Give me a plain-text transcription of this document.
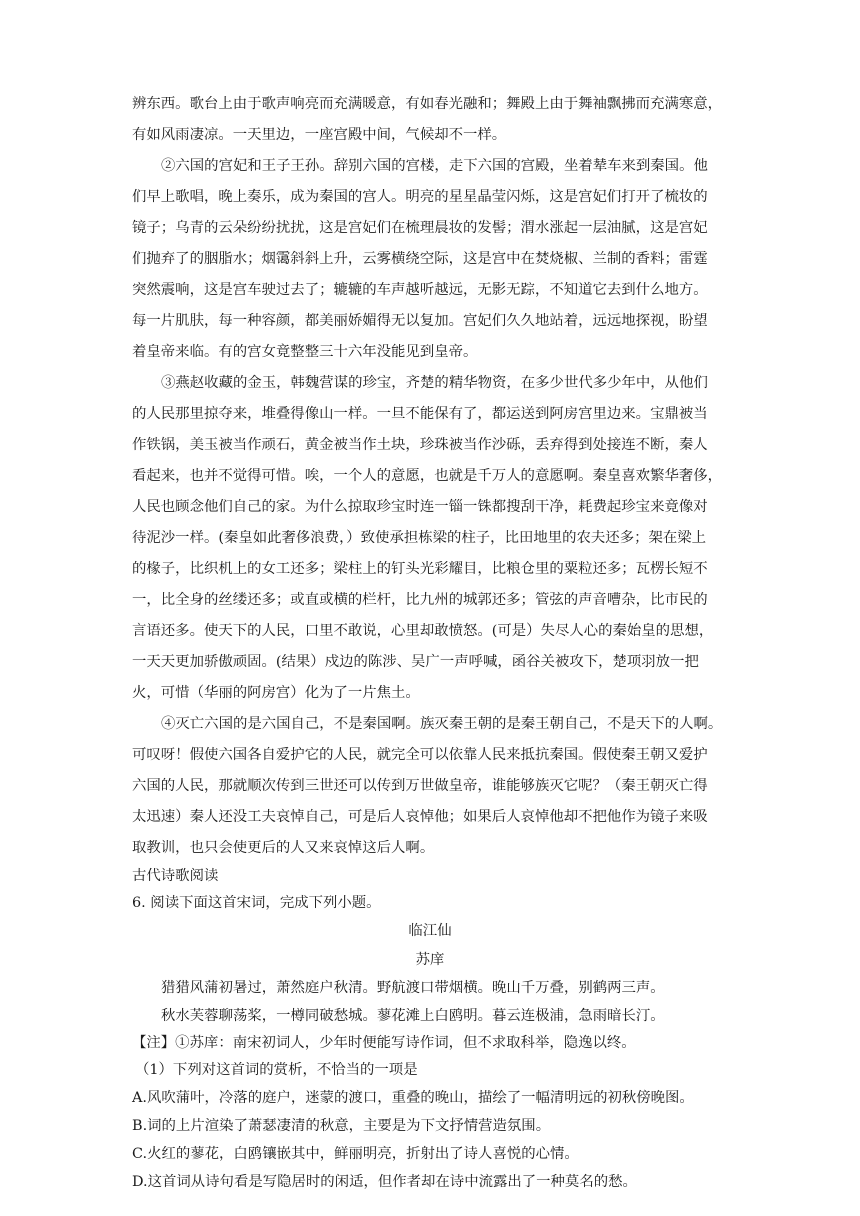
辨东西。歌台上由于歌声响亮而充满暖意，有如春光融和；舞殿上由于舞袖飘拂而充满寒意，
有如风雨凄凉。一天里边，一座宫殿中间，气候却不一样。
②六国的宫妃和王子王孙。辞别六国的宫楼，走下六国的宫殿，坐着辇车来到秦国。他
们早上歌唱，晚上奏乐，成为秦国的宫人。明亮的星星晶莹闪烁，这是宫妃们打开了梳妆的
镜子；乌青的云朵纷纷扰扰，这是宫妃们在梳理晨妆的发髻；渭水涨起一层油腻，这是宫妃
们抛弃了的胭脂水；烟霭斜斜上升，云雾横绕空际，这是宫中在焚烧椒、兰制的香料；雷霆
突然震响，这是宫车驶过去了；辘辘的车声越听越远，无影无踪，不知道它去到什么地方。
每一片肌肤，每一种容颜，都美丽娇媚得无以复加。宫妃们久久地站着，远远地探视，盼望
着皇帝来临。有的宫女竟整整三十六年没能见到皇帝。
③燕赵收藏的金玉，韩魏营谋的珍宝，齐楚的精华物资，在多少世代多少年中，从他们
的人民那里掠夺来，堆叠得像山一样。一旦不能保有了，都运送到阿房宫里边来。宝鼎被当
作铁锅，美玉被当作顽石，黄金被当作土块，珍珠被当作沙砾，丢弃得到处接连不断，秦人
看起来，也并不觉得可惜。唉，一个人的意愿，也就是千万人的意愿啊。秦皇喜欢繁华奢侈，
人民也顾念他们自己的家。为什么掠取珍宝时连一锱一铢都搜刮干净，耗费起珍宝来竟像对
待泥沙一样。(秦皇如此奢侈浪费，）致使承担栋梁的柱子，比田地里的农夫还多；架在梁上
的椽子，比织机上的女工还多；梁柱上的钉头光彩耀目，比粮仓里的粟粒还多；瓦楞长短不
一，比全身的丝缕还多；或直或横的栏杆，比九州的城郭还多；管弦的声音嘈杂，比市民的
言语还多。使天下的人民，口里不敢说，心里却敢愤怒。(可是）失尽人心的秦始皇的思想，
一天天更加骄傲顽固。(结果）戍边的陈涉、吴广一声呼喊，函谷关被攻下，楚项羽放一把
火，可惜（华丽的阿房宫）化为了一片焦土。
④灭亡六国的是六国自己，不是秦国啊。族灭秦王朝的是秦王朝自己，不是天下的人啊。
可叹呀！假使六国各自爱护它的人民，就完全可以依靠人民来抵抗秦国。假使秦王朝又爱护
六国的人民，那就顺次传到三世还可以传到万世做皇帝，谁能够族灭它呢？（秦王朝灭亡得
太迅速）秦人还没工夫哀悼自己，可是后人哀悼他；如果后人哀悼他却不把他作为镜子来吸
取教训，也只会使更后的人又来哀悼这后人啊。
古代诗歌阅读
6. 阅读下面这首宋词，完成下列小题。
临江仙
苏庠
猎猎风蒲初暑过，萧然庭户秋清。野航渡口带烟横。晚山千万叠，别鹤两三声。
秋水芙蓉聊荡桨，一樽同破愁城。蓼花滩上白鸥明。暮云连极浦，急雨暗长汀。
【注】①苏庠：南宋初词人，少年时便能写诗作词，但不求取科举，隐逸以终。
（1）下列对这首词的赏析，不恰当的一项是
A.风吹蒲叶，冷落的庭户，迷蒙的渡口，重叠的晚山，描绘了一幅清明远的初秋傍晚图。
B.词的上片渲染了萧瑟凄清的秋意，主要是为下文抒情营造氛围。
C.火红的蓼花，白鸥镶嵌其中，鲜丽明亮，折射出了诗人喜悦的心情。
D.这首词从诗句看是写隐居时的闲适，但作者却在诗中流露出了一种莫名的愁。
